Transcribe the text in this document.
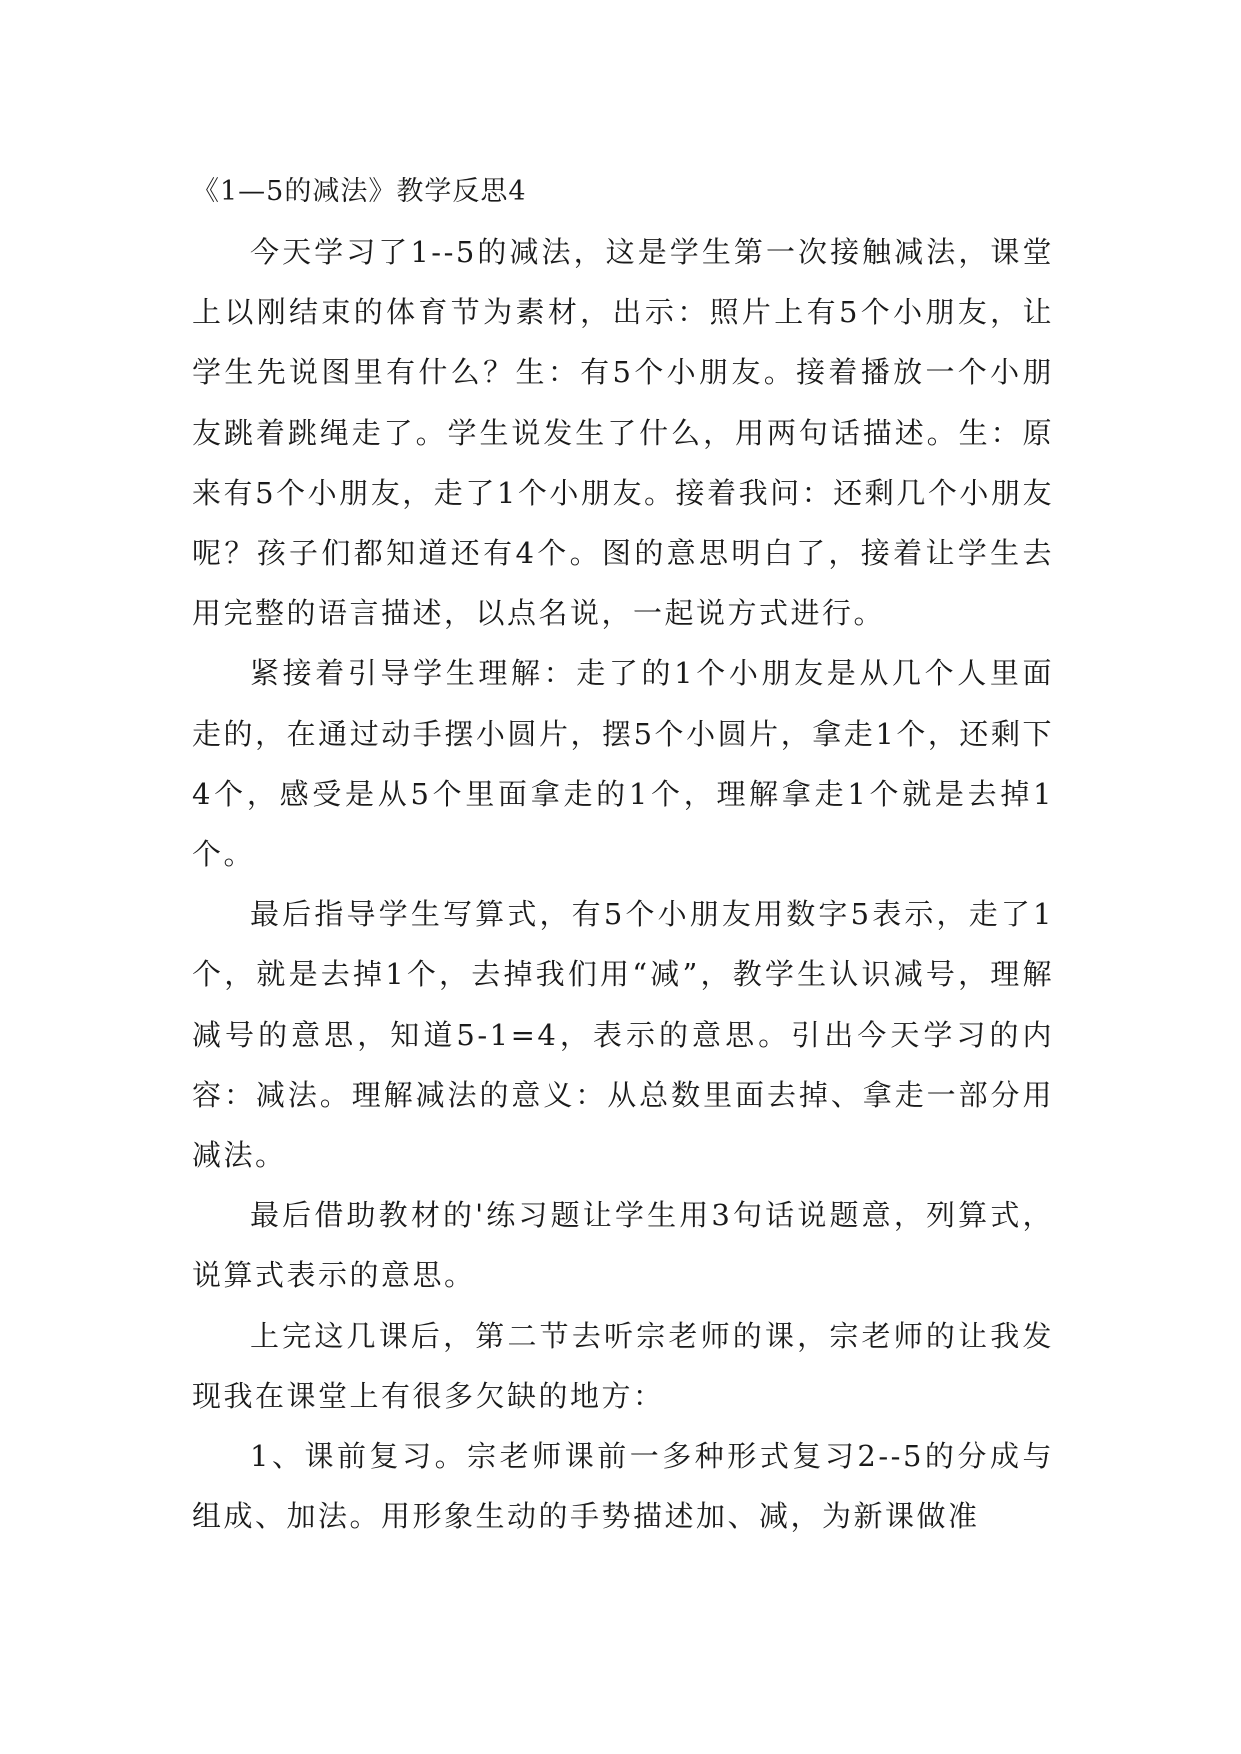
《1—5的减法》教学反思4

今天学习了1--5的减法，这是学生第一次接触减法，课堂上以刚结束的体育节为素材，出示：照片上有5个小朋友，让学生先说图里有什么？生：有5个小朋友。接着播放一个小朋友跳着跳绳走了。学生说发生了什么，用两句话描述。生：原来有5个小朋友，走了1个小朋友。接着我问：还剩几个小朋友呢？孩子们都知道还有4个。图的意思明白了，接着让学生去用完整的语言描述，以点名说，一起说方式进行。

紧接着引导学生理解：走了的1个小朋友是从几个人里面走的，在通过动手摆小圆片，摆5个小圆片，拿走1个，还剩下4个，感受是从5个里面拿走的1个，理解拿走1个就是去掉1个。

最后指导学生写算式，有5个小朋友用数字5表示，走了1个，就是去掉1个，去掉我们用“减”，教学生认识减号，理解减号的意思，知道5-1=4，表示的意思。引出今天学习的内容：减法。理解减法的意义：从总数里面去掉、拿走一部分用减法。

最后借助教材的'练习题让学生用3句话说题意，列算式，说算式表示的意思。

上完这几课后，第二节去听宗老师的课，宗老师的让我发现我在课堂上有很多欠缺的地方：

1、课前复习。宗老师课前一多种形式复习2--5的分成与组成、加法。用形象生动的手势描述加、减，为新课做准
